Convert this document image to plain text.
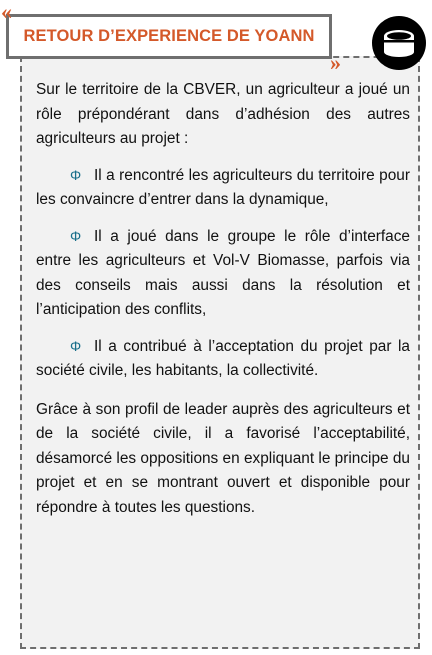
RETOUR D’EXPERIENCE DE YOANN
«
»

Sur le territoire de la CBVER, un agriculteur a joué un rôle prépondérant dans d’adhésion des autres agriculteurs au projet :

Φ Il a rencontré les agriculteurs du territoire pour les convaincre d’entrer dans la dynamique,

Φ Il a joué dans le groupe le rôle d’interface entre les agriculteurs et Vol-V Biomasse, parfois via des conseils mais aussi dans la résolution et l’anticipation des conflits,

Φ Il a contribué à l’acceptation du projet par la société civile, les habitants, la collectivité.

Grâce à son profil de leader auprès des agriculteurs et de la société civile, il a favorisé l’acceptabilité, désamorcé les oppositions en expliquant le principe du projet et en se montrant ouvert et disponible pour répondre à toutes les questions.
